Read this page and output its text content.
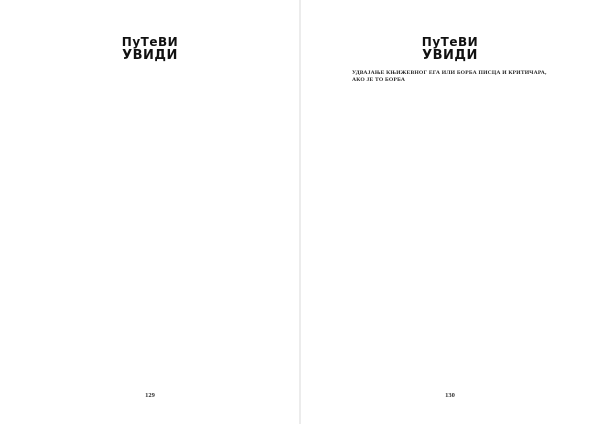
ПуТеВИ
УВИДИ

129
ПуТеВИ
УВИДИ

УДВАЈАЊЕ КЊИЖЕВНОГ ЕГА ИЛИ БОРБА ПИСЦА И КРИТИЧАРА, АКО ЈЕ ТО БОРБА

130
